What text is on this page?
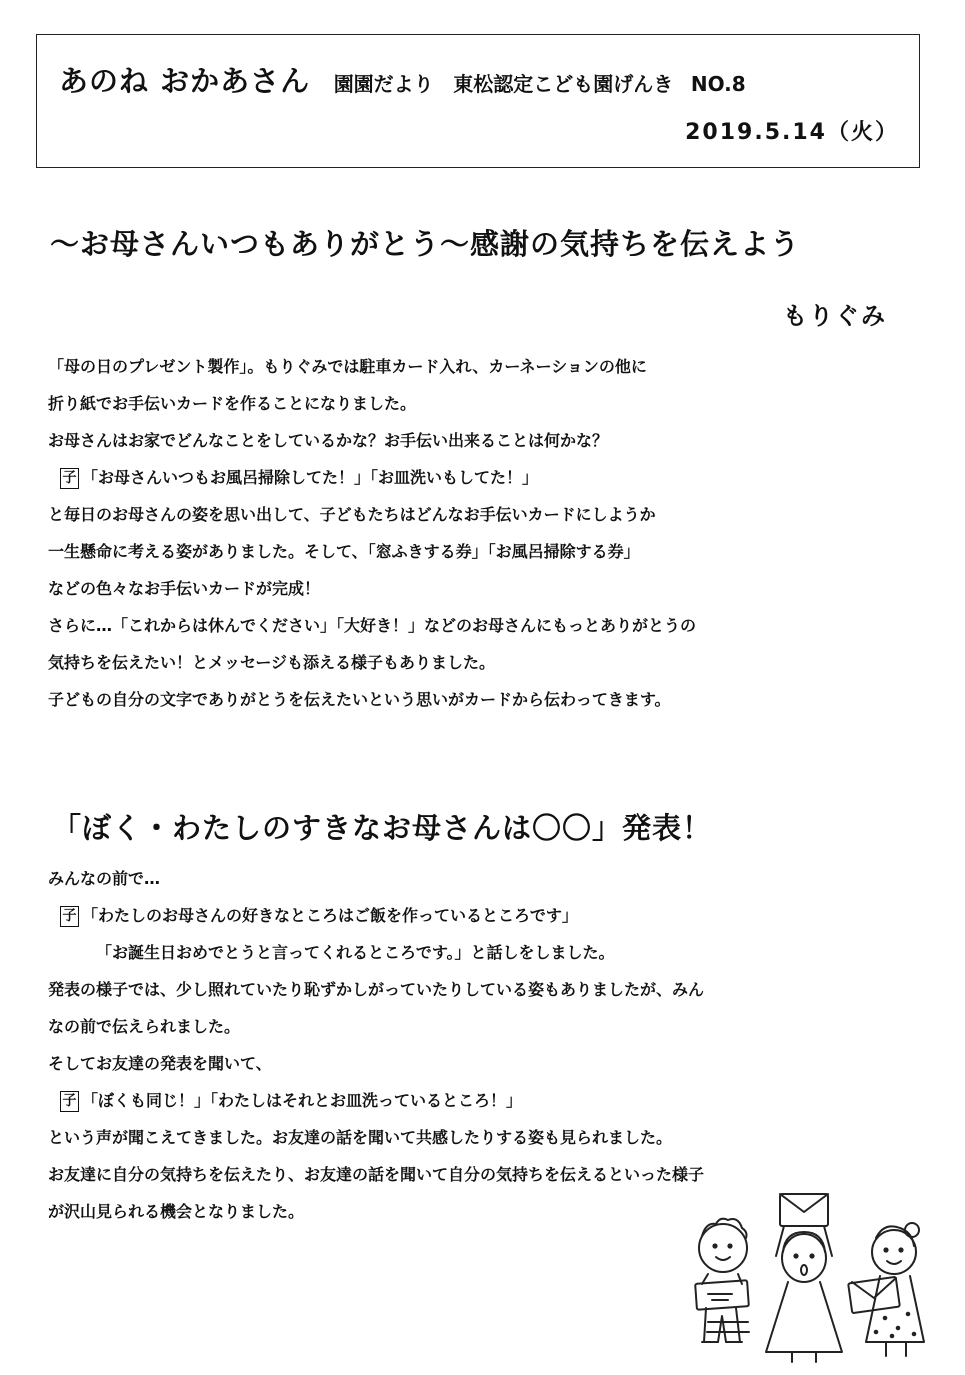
あのね おかあさん 園園だより 東松認定こども園げんき NO.8
2019.5.14（火）
〜お母さんいつもありがとう〜感謝の気持ちを伝えよう
もりぐみ
「母の日のプレゼント製作」。もりぐみでは駐車カード入れ、カーネーションの他に
折り紙でお手伝いカードを作ることになりました。
お母さんはお家でどんなことをしているかな？お手伝い出来ることは何かな？
子 「お母さんいつもお風呂掃除してた！」「お皿洗いもしてた！」
と毎日のお母さんの姿を思い出して、子どもたちはどんなお手伝いカードにしようか
一生懸命に考える姿がありました。そして、「窓ふきする券」「お風呂掃除する券」
などの色々なお手伝いカードが完成！
さらに…「これからは休んでください」「大好き！」などのお母さんにもっとありがとうの
気持ちを伝えたい！とメッセージも添える様子もありました。
子どもの自分の文字でありがとうを伝えたいという思いがカードから伝わってきます。
「ぼく・わたしのすきなお母さんは〇〇」発表！
みんなの前で…
子 「わたしのお母さんの好きなところはご飯を作っているところです」
「お誕生日おめでとうと言ってくれるところです。」と話しをしました。
発表の様子では、少し照れていたり恥ずかしがっていたりしている姿もありましたが、みん
なの前で伝えられました。
そしてお友達の発表を聞いて、
子 「ぼくも同じ！」「わたしはそれとお皿洗っているところ！」
という声が聞こえてきました。お友達の話を聞いて共感したりする姿も見られました。
お友達に自分の気持ちを伝えたり、お友達の話を聞いて自分の気持ちを伝えるといった様子
が沢山見られる機会となりました。
